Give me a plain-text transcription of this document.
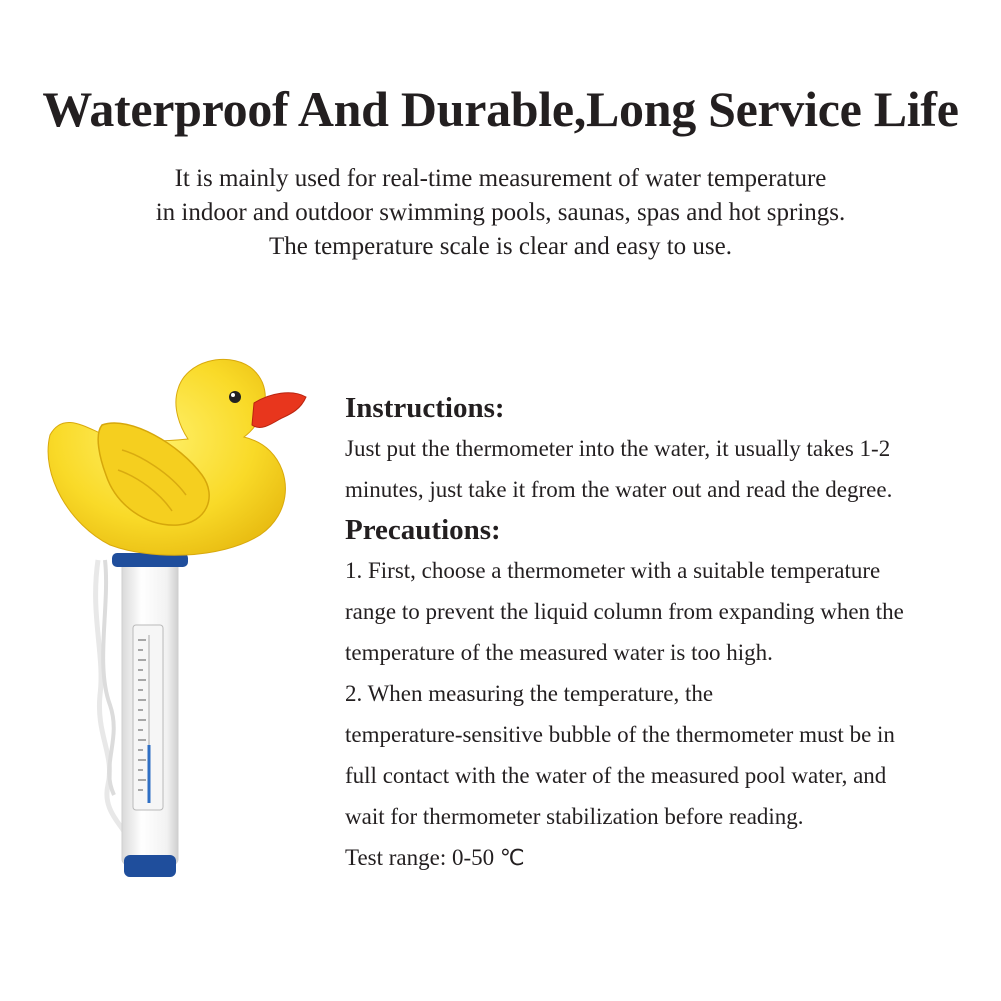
Waterproof And Durable,Long Service Life
It is mainly used for real-time measurement of water temperature
in indoor and outdoor swimming pools, saunas, spas and hot springs.
The temperature scale is clear and easy to use.
Instructions:
Just put the thermometer into the water, it usually takes 1-2
minutes, just take it from the water out and read the degree.
Precautions:
1. First, choose a thermometer with a suitable temperature
range to prevent the liquid column from expanding when the
temperature of the measured water is too high.
2. When measuring the temperature, the
temperature-sensitive bubble of the thermometer must be in
full contact with the water of the measured pool water, and
wait for thermometer stabilization before reading.
Test range: 0-50 ℃
